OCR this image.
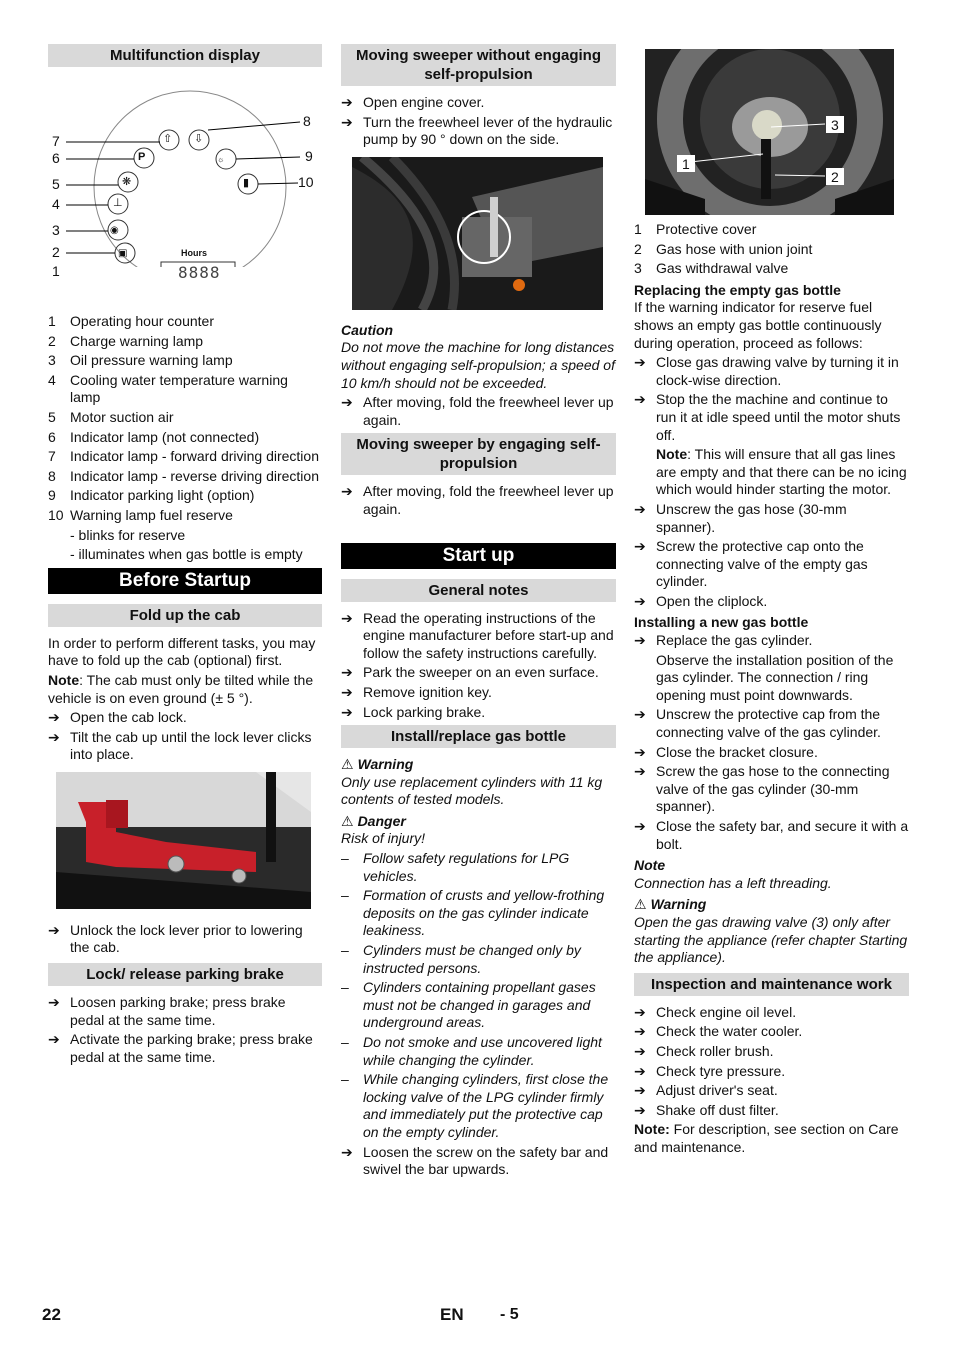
Multifunction display
⇧ ⇩
P	☼
❋	▮
⊥
◉
▣	Hours
8888
7
6
5
4
3
2
1
8
9
10
1 Operating hour counter
2 Charge warning lamp
3 Oil pressure warning lamp
4 Cooling water temperature warning lamp
5 Motor suction air
6 Indicator lamp (not connected)
7 Indicator lamp - forward driving direction
8 Indicator lamp - reverse driving direction
9 Indicator parking light (option)
10 Warning lamp fuel reserve
- blinks for reserve
- illuminates when gas bottle is empty
Before Startup
Fold up the cab

In order to perform different tasks, you may have to fold up the cab (optional) first.

Note: The cab must only be tilted while the vehicle is on even ground (± 5 °).

➔ Open the cab lock.
➔ Tilt the cab up until the lock lever clicks into place.
➔ Unlock the lock lever prior to lowering the cab.
Lock/ release parking brake
➔ Loosen parking brake; press brake pedal at the same time.
➔ Activate the parking brake; press brake pedal at the same time.
Moving sweeper without engaging self-propulsion
➔ Open engine cover.
➔ Turn the freewheel lever of the hydraulic pump by 90 ° down on the side.
Caution

Do not move the machine for long distances without engaging self-propulsion; a speed of 10 km/h should not be exceeded.

➔ After moving, fold the freewheel lever up again.
Moving sweeper by engaging self-propulsion
➔ After moving, fold the freewheel lever up again.
Start up
General notes
➔ Read the operating instructions of the engine manufacturer before start-up and follow the safety instructions carefully.
➔ Park the sweeper on an even surface.
➔ Remove ignition key.
➔ Lock parking brake.
Install/replace gas bottle
⚠ Warning

Only use replacement cylinders with 11 kg contents of tested models.

⚠ Danger

Risk of injury!

– Follow safety regulations for LPG vehicles.
– Formation of crusts and yellow-frothing deposits on the gas cylinder indicate leakiness.
– Cylinders must be changed only by instructed persons.
– Cylinders containing propellant gases must not be changed in garages and underground areas.
– Do not smoke and use uncovered light while changing the cylinder.
– While changing cylinders, first close the locking valve of the LPG cylinder firmly and immediately put the protective cap on the empty cylinder.
➔ Loosen the screw on the safety bar and swivel the bar upwards.
1
2
3
1 Protective cover
2 Gas hose with union joint
3 Gas withdrawal valve
Replacing the empty gas bottle

If the warning indicator for reserve fuel shows an empty gas bottle continuously during operation, proceed as follows:

➔ Close gas drawing valve by turning it in clock-wise direction.
➔ Stop the the machine and continue to run it at idle speed until the motor shuts off.
Note: This will ensure that all gas lines are empty and that there can be no icing which would hinder starting the motor.
➔ Unscrew the gas hose (30-mm spanner).
➔ Screw the protective cap onto the connecting valve of the empty gas cylinder.
➔ Open the cliplock.
Installing a new gas bottle
➔ Replace the gas cylinder.
Observe the installation position of the gas cylinder. The connection / ring opening must point downwards.
➔ Unscrew the protective cap from the connecting valve of the gas cylinder.
➔ Close the bracket closure.
➔ Screw the gas hose to the connecting valve of the gas cylinder (30-mm spanner).
➔ Close the safety bar, and secure it with a bolt.
Note

Connection has a left threading.

⚠ Warning

Open the gas drawing valve (3) only after starting the appliance (refer chapter Starting the appliance).

Inspection and maintenance work
➔ Check engine oil level.
➔ Check the water cooler.
➔ Check roller brush.
➔ Check tyre pressure.
➔ Adjust driver's seat.
➔ Shake off dust filter.

Note: For description, see section on Care and maintenance.

22	EN - 5
